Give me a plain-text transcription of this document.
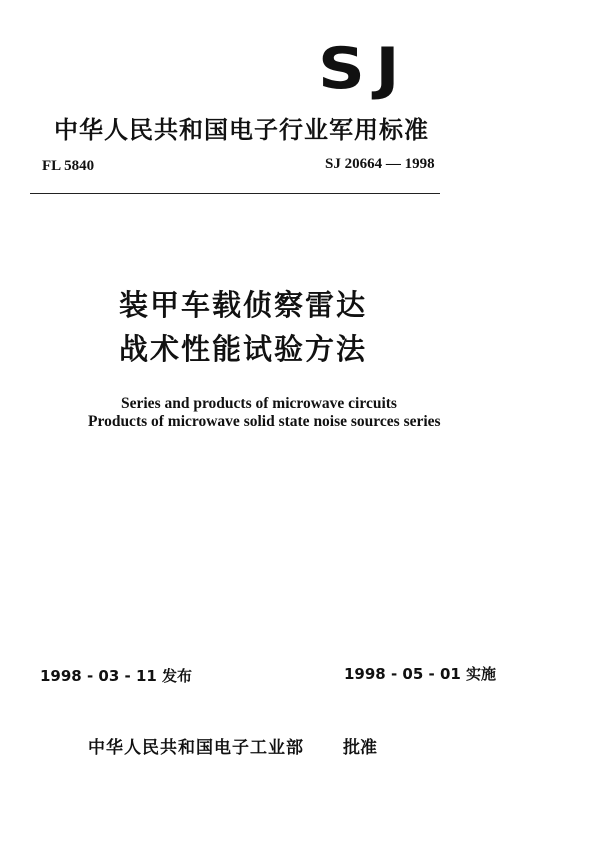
SJ
中华人民共和国电子行业军用标准
FL 5840	SJ 20664 — 1998
装甲车载侦察雷达
战术性能试验方法
Series and products of microwave circuits
Products of microwave solid state noise sources series
1998 - 03 - 11 发布	1998 - 05 - 01 实施
中华人民共和国电子工业部 批准
